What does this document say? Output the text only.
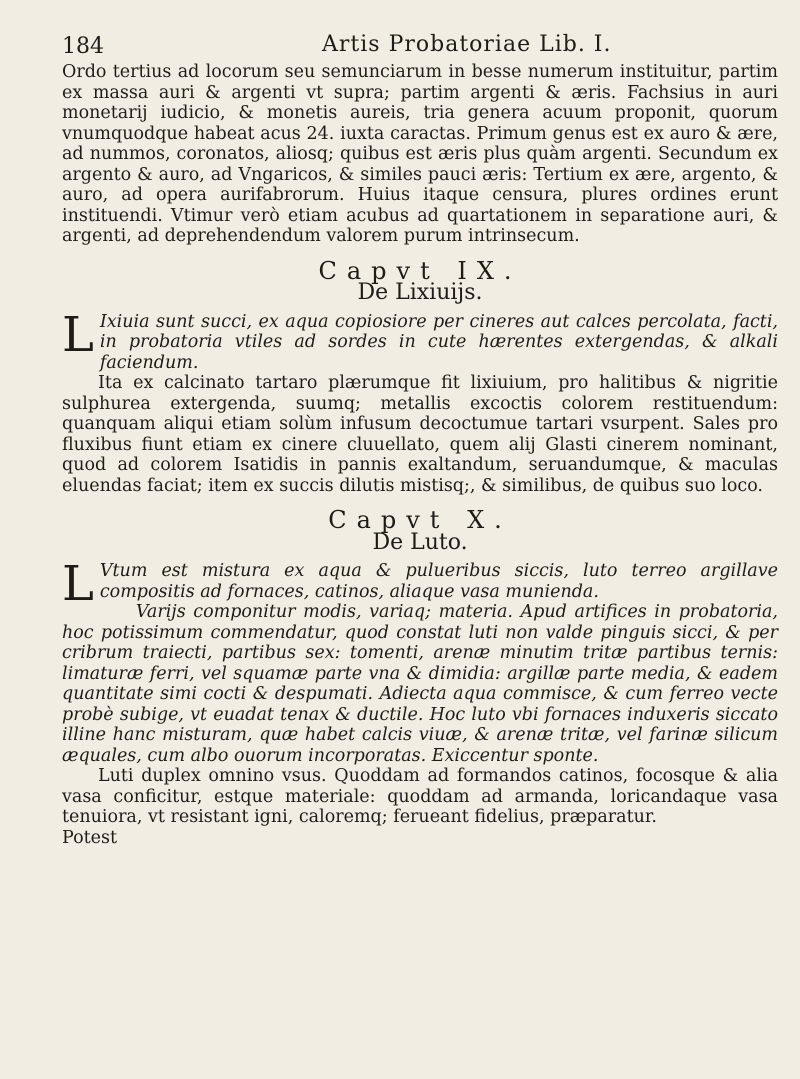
184	Artis Probatoriae Lib. I.

Ordo tertius ad locorum seu semunciarum in besse numerum instituitur, partim ex massa auri & argenti vt supra; partim argenti & æris. Fachsius in auri monetarij iudicio, & monetis aureis, tria genera acuum proponit, quorum vnumquodque habeat acus 24. iuxta caractas. Primum genus est ex auro & ære, ad nummos, coronatos, aliosq; quibus est æris plus quàm argenti. Secundum ex argento & auro, ad Vngaricos, & similes pauci æris: Tertium ex ære, argento, & auro, ad opera aurifabrorum. Huius itaque censura, plures ordines erunt instituendi. Vtimur verò etiam acubus ad quartationem in separatione auri, & argenti, ad deprehendendum valorem purum intrinsecum.

Capvt IX.
De Lixiuijs.

L Ixiuia sunt succi, ex aqua copiosiore per cineres aut calces percolata, facti, in probatoria vtiles ad sordes in cute hærentes extergendas, & alkali faciendum.

Ita ex calcinato tartaro plærumque fit lixiuium, pro halitibus & nigritie sulphurea extergenda, suumq; metallis excoctis colorem restituendum: quanquam aliqui etiam solùm infusum decoctumue tartari vsurpent. Sales pro fluxibus fiunt etiam ex cinere cluuellato, quem alij Glasti cinerem nominant, quod ad colorem Isatidis in pannis exaltandum, seruandumque, & maculas eluendas faciat; item ex succis dilutis mistisq;, & similibus, de quibus suo loco.

Capvt X.
De Luto.

L Vtum est mistura ex aqua & pulueribus siccis, luto terreo argillave compositis ad fornaces, catinos, aliaque vasa munienda.

Varijs componitur modis, variaq; materia. Apud artifices in probatoria, hoc potissimum commendatur, quod constat luti non valde pinguis sicci, & per cribrum traiecti, partibus sex: tomenti, arenæ minutim tritæ partibus ternis: limaturæ ferri, vel squamæ parte vna & dimidia: argillæ parte media, & eadem quantitate simi cocti & despumati. Adiecta aqua commisce, & cum ferreo vecte probè subige, vt euadat tenax & ductile. Hoc luto vbi fornaces induxeris siccato illine hanc misturam, quæ habet calcis viuæ, & arenæ tritæ, vel farinæ silicum æquales, cum albo ouorum incorporatas. Exiccentur sponte.

Luti duplex omnino vsus. Quoddam ad formandos catinos, focosque & alia vasa conficitur, estque materiale: quoddam ad armanda, loricandaque vasa tenuiora, vt resistant igni, caloremq; ferueant fidelius, præparatur.

Potest
